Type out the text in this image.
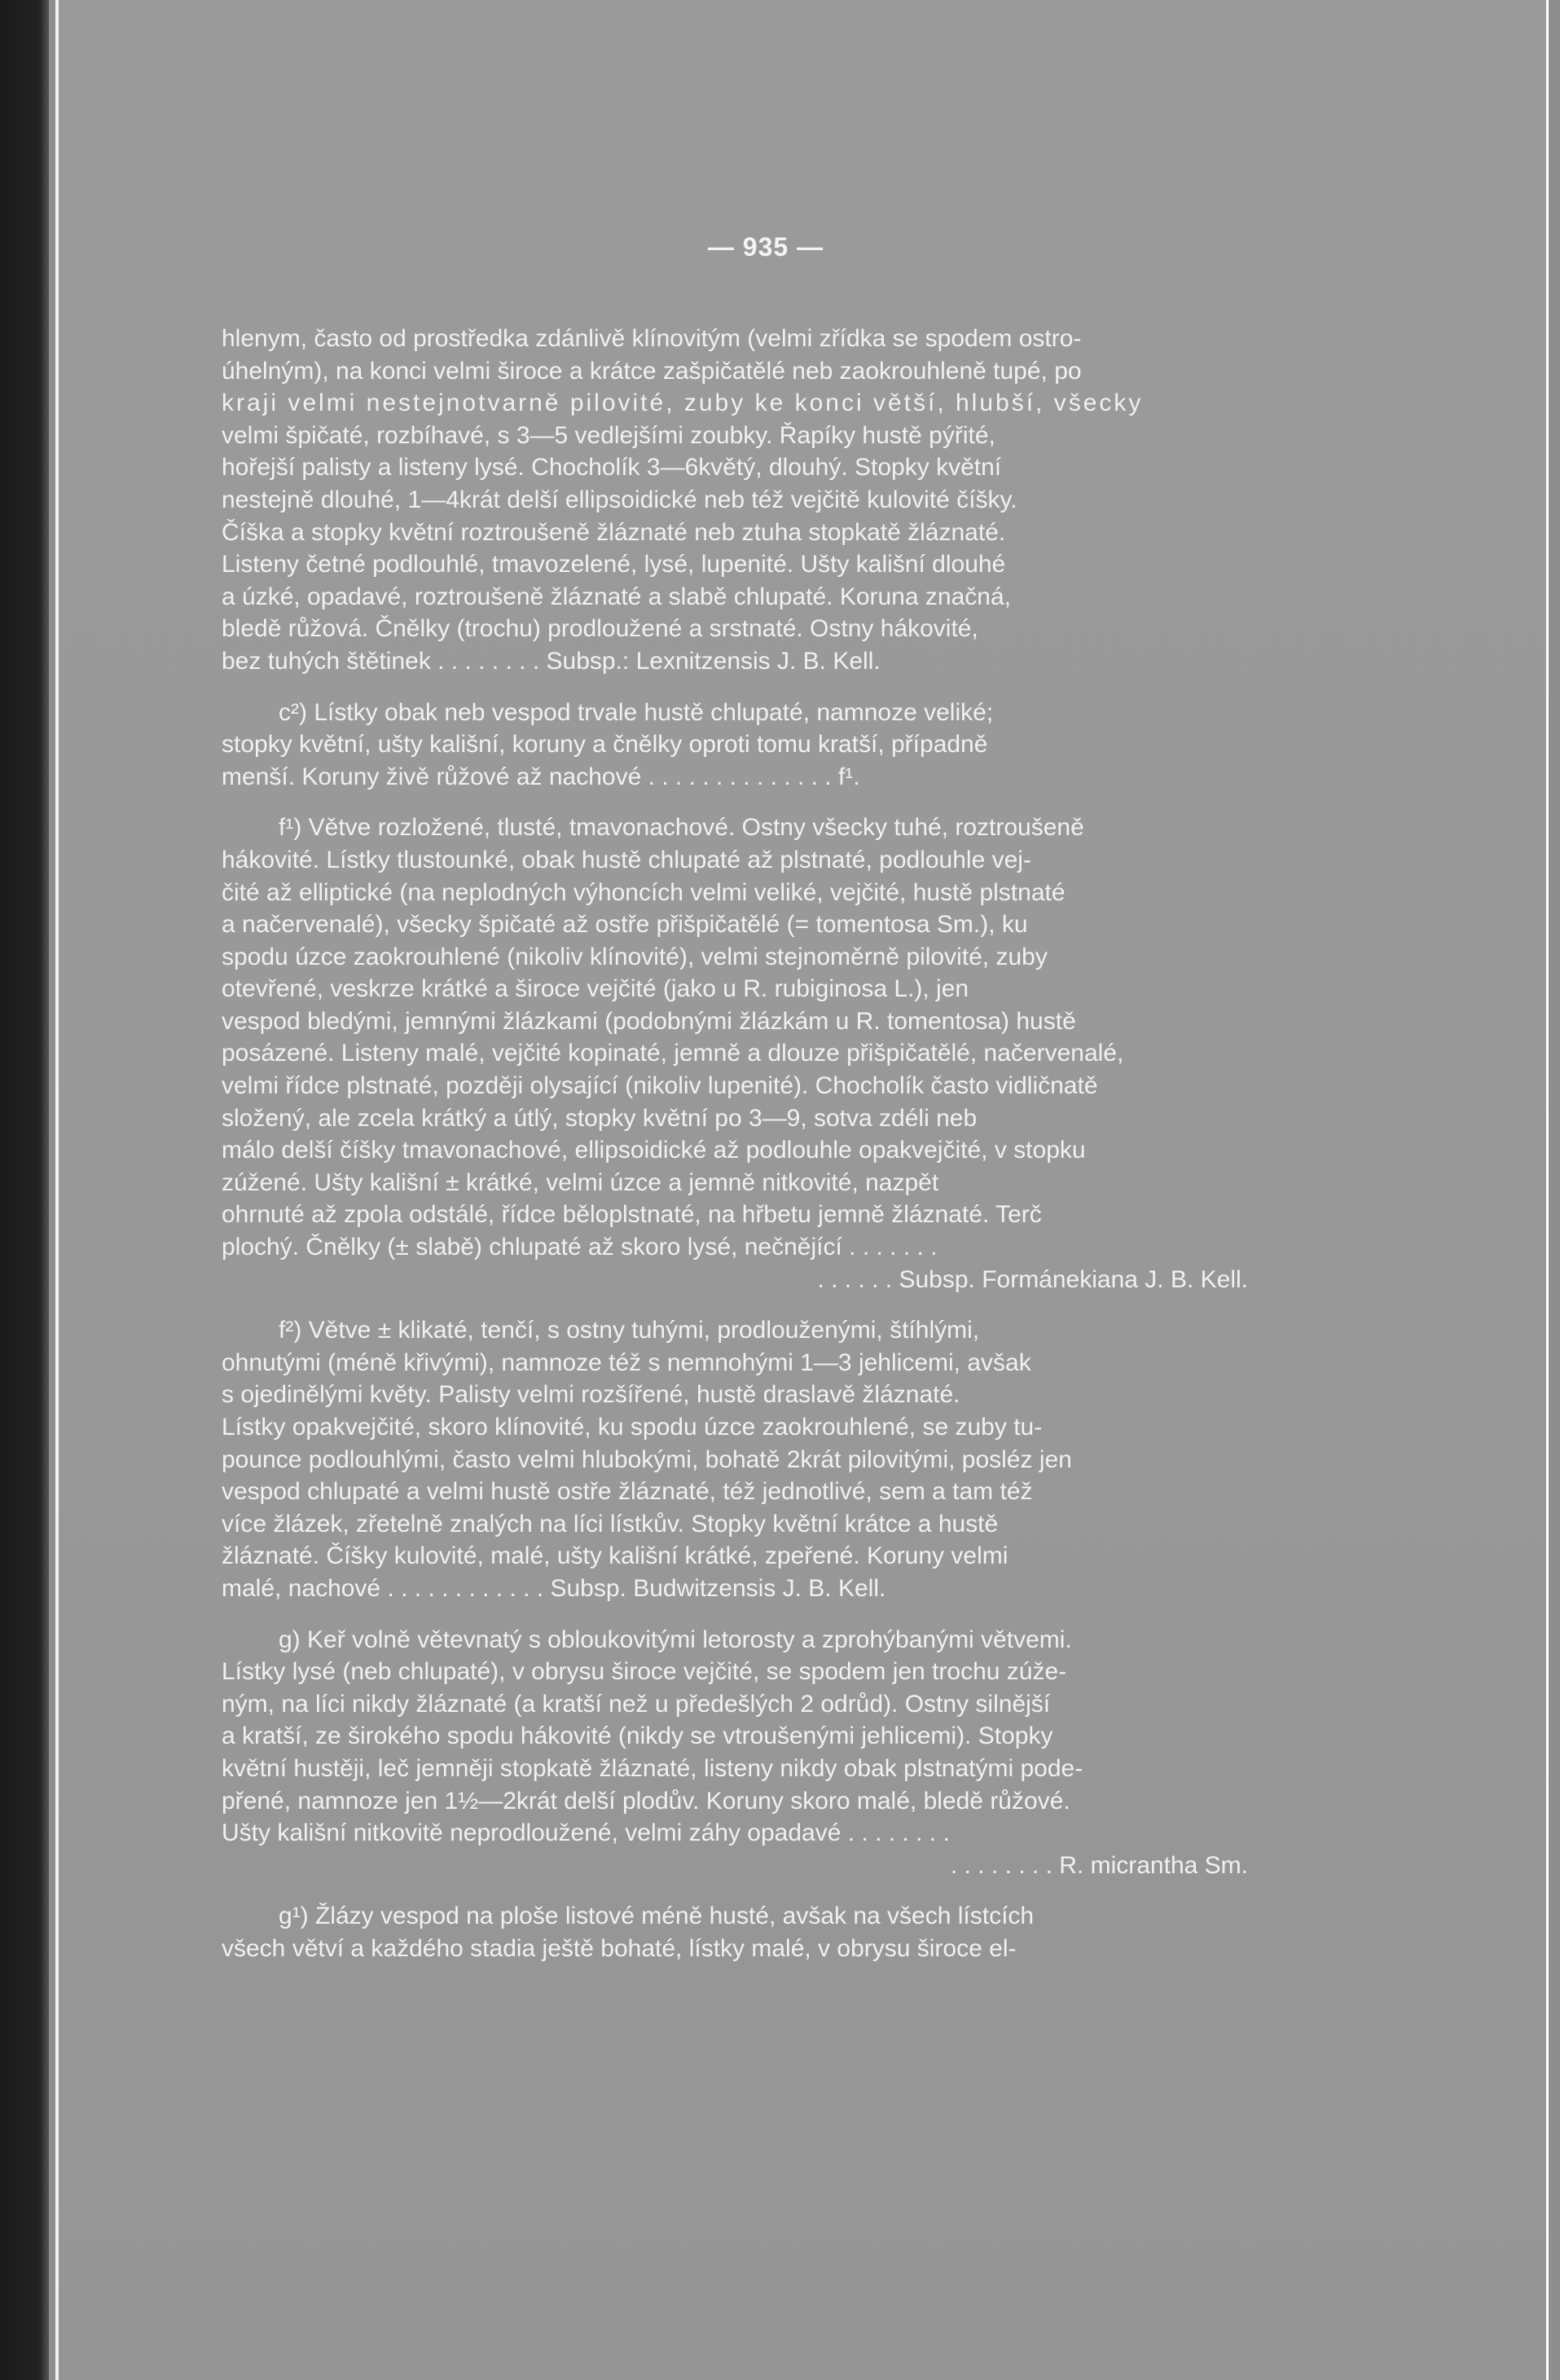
— 935 —
hlenym, často od prostředka zdánlivě klínovitým (velmi zřídka se spodem ostro-
úhelným), na konci velmi široce a krátce zašpičatělé neb zaokrouhleně tupé, po
kraji velmi nestejnotvarně pilovité, zuby ke konci větší, hlubší, všecky
velmi špičaté, rozbíhavé, s 3—5 vedlejšími zoubky. Řapíky hustě pýřité,
hořejší palisty a listeny lysé. Chocholík 3—6květý, dlouhý. Stopky květní
nestejně dlouhé, 1—4krát delší ellipsoidické neb též vejčitě kulovité číšky.
Číška a stopky květní roztroušeně žláznaté neb ztuha stopkatě žláznaté.
Listeny četné podlouhlé, tmavozelené, lysé, lupenité. Ušty kališní dlouhé
a úzké, opadavé, roztroušeně žláznaté a slabě chlupaté. Koruna značná,
bledě růžová. Čnělky (trochu) prodloužené a srstnaté. Ostny hákovité,
bez tuhých štětinek . . . . . . . . Subsp.: Lexnitzensis J. B. Kell.
c²) Lístky obak neb vespod trvale hustě chlupaté, namnoze veliké;
stopky květní, ušty kališní, koruny a čnělky oproti tomu kratší, případně
menší. Koruny živě růžové až nachové . . . . . . . . . . . . . . f¹.
f¹) Větve rozložené, tlusté, tmavonachové. Ostny všecky tuhé, roztroušeně
hákovité. Lístky tlustounké, obak hustě chlupaté až plstnaté, podlouhle vej-
čité až elliptické (na neplodných výhoncích velmi veliké, vejčité, hustě plstnaté
a načervenalé), všecky špičaté až ostře přišpičatělé (= tomentosa Sm.), ku
spodu úzce zaokrouhlené (nikoliv klínovité), velmi stejnoměrně pilovité, zuby
otevřené, veskrze krátké a široce vejčité (jako u R. rubiginosa L.), jen
vespod bledými, jemnými žlázkami (podobnými žlázkám u R. tomentosa) hustě
posázené. Listeny malé, vejčité kopinaté, jemně a dlouze přišpičatělé, načervenalé,
velmi řídce plstnaté, později olysající (nikoliv lupenité). Chocholík často vidličnatě
složený, ale zcela krátký a útlý, stopky květní po 3—9, sotva zdéli neb
málo delší číšky tmavonachové, ellipsoidické až podlouhle opakvejčité, v stopku
zúžené. Ušty kališní ± krátké, velmi úzce a jemně nitkovité, nazpět
ohrnuté až zpola odstálé, řídce běloplstnaté, na hřbetu jemně žláznaté. Terč
plochý. Čnělky (± slabě) chlupaté až skoro lysé, nečnějící . . . . . . .
. . . . . . Subsp. Formánekiana J. B. Kell.
f²) Větve ± klikaté, tenčí, s ostny tuhými, prodlouženými, štíhlými,
ohnutými (méně křivými), namnoze též s nemnohými 1—3 jehlicemi, avšak
s ojedinělými květy. Palisty velmi rozšířené, hustě draslavě žláznaté.
Lístky opakvejčité, skoro klínovité, ku spodu úzce zaokrouhlené, se zuby tu-
pounce podlouhlými, často velmi hlubokými, bohatě 2krát pilovitými, posléz jen
vespod chlupaté a velmi hustě ostře žláznaté, též jednotlivé, sem a tam též
více žlázek, zřetelně znalých na líci lístkův. Stopky květní krátce a hustě
žláznaté. Číšky kulovité, malé, ušty kališní krátké, zpeřené. Koruny velmi
malé, nachové . . . . . . . . . . . . Subsp. Budwitzensis J. B. Kell.
g) Keř volně větevnatý s obloukovitými letorosty a zprohýbanými větvemi.
Lístky lysé (neb chlupaté), v obrysu široce vejčité, se spodem jen trochu zúže-
ným, na líci nikdy žláznaté (a kratší než u předešlých 2 odrůd). Ostny silnější
a kratší, ze širokého spodu hákovité (nikdy se vtroušenými jehlicemi). Stopky
květní hustěji, leč jemněji stopkatě žláznaté, listeny nikdy obak plstnatými pode-
přené, namnoze jen 1½—2krát delší plodův. Koruny skoro malé, bledě růžové.
Ušty kališní nitkovitě neprodloužené, velmi záhy opadavé . . . . . . . .
. . . . . . . . R. micrantha Sm.
g¹) Žlázy vespod na ploše listové méně husté, avšak na všech lístcích
všech větví a každého stadia ještě bohaté, lístky malé, v obrysu široce el-
